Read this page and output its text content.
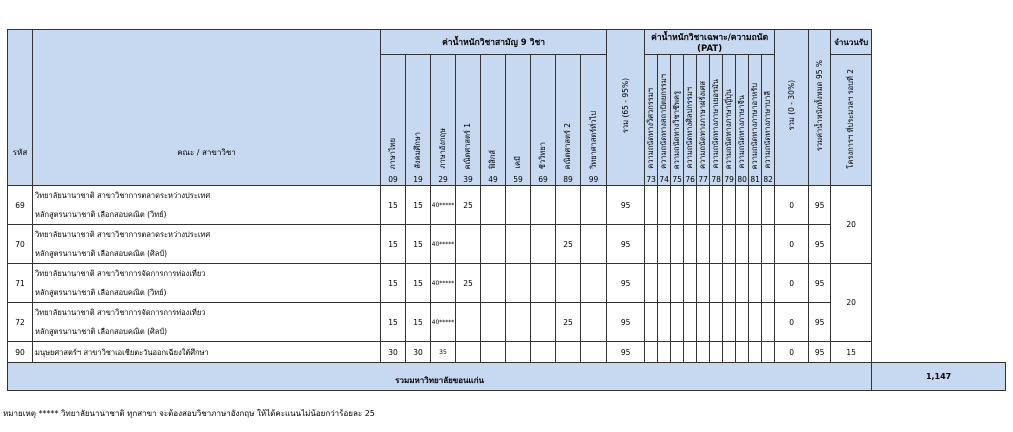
รหัส	คณะ / สาขาวิชา	ค่าน้ำหนักวิชาสามัญ 9 วิชา									รวม (65 - 95%)	ค่าน้ำหนักวิชาเฉพาะ/ความถนัด (PAT)										รวม (0 - 30%)	รวมค่าน้ำหนักทั้งหมด 95 %	จำนวนรับ	
		ภาษาไทย	สังคมศึกษา	ภาษาอังกฤษ	คณิตศาสตร์ 1	ฟิสิกส์	เคมี	ชีววิทยา	คณิตศาสตร์ 2	วิทยาศาสตร์ทั่วไป		ความถนัดทางวิศวกรรมฯ	ความถนัดทางสถาปัตยกรรมฯ	ความถนัดทางวิชาชีพครู	ความถนัดทางศิลปกรรมฯ	ความถนัดทางภาษาฝรั่งเศส	ความถนัดทางภาษาเยอรมัน	ความถนัดทางภาษาญี่ปุ่น	ความถนัดทางภาษาจีน	ความถนัดทางภาษาอาหรับ	ความถนัดทางภาษาบาลี			โครงการฯ ที่ประมวลฯ รอบที่ 2	
		09	19	29	39	49	59	69	89	99		73	74	75	76	77	78	79	80	81	82				
69	วิทยาลัยนานาชาติ สาขาวิชาการตลาดระหว่างประเทศ
หลักสูตรนานาชาติ เลือกสอบคณิต (วิทย์)	15	15	40*****	25						95											0	95	20	
70	วิทยาลัยนานาชาติ สาขาวิชาการตลาดระหว่างประเทศ
หลักสูตรนานาชาติ เลือกสอบคณิต (ศิลป์)	15	15	40*****					25		95											0	95		
71	วิทยาลัยนานาชาติ สาขาวิชาการจัดการการท่องเที่ยว
หลักสูตรนานาชาติ เลือกสอบคณิต (วิทย์)	15	15	40*****	25						95											0	95	20	
72	วิทยาลัยนานาชาติ สาขาวิชาการจัดการการท่องเที่ยว
หลักสูตรนานาชาติ เลือกสอบคณิต (ศิลป์)	15	15	40*****					25		95											0	95		
90	มนุษยศาสตร์ฯ สาขาวิชาเอเชียตะวันออกเฉียงใต้ศึกษา	30	30	35							95											0	95	15	
รวมมหาวิทยาลัยขอนแก่น																									1,147
หมายเหตุ ***** วิทยาลัยนานาชาติ ทุกสาขา จะต้องสอบวิชาภาษาอังกฤษ ให้ได้คะแนนไม่น้อยกว่าร้อยละ 25
